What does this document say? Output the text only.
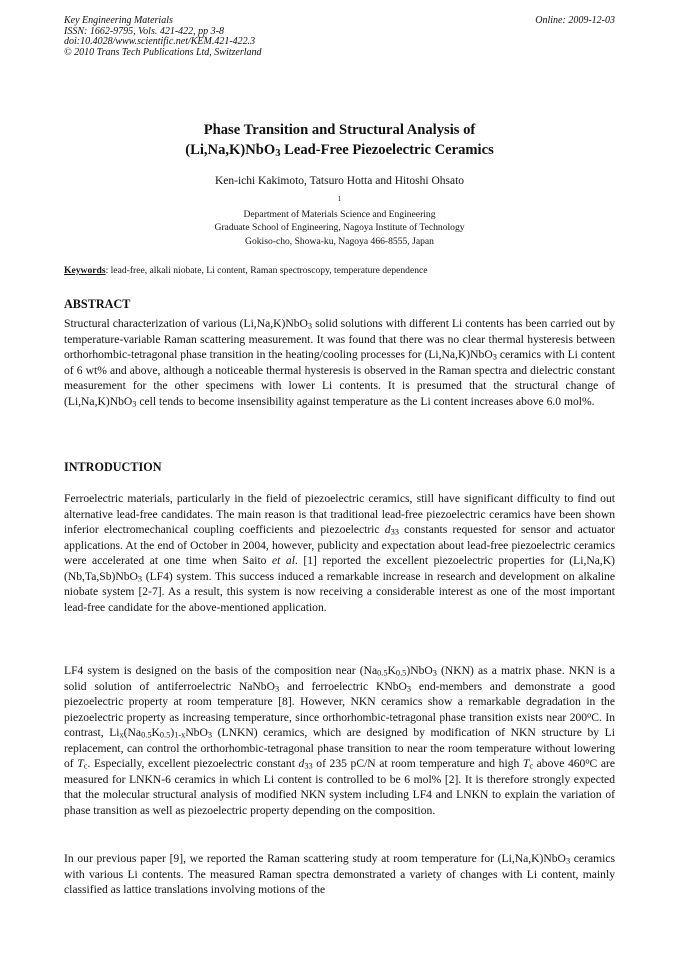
Key Engineering Materials
ISSN: 1662-9795, Vols. 421-422, pp 3-8
doi:10.4028/www.scientific.net/KEM.421-422.3
© 2010 Trans Tech Publications Ltd, Switzerland
Online: 2009-12-03
Phase Transition and Structural Analysis of
(Li,Na,K)NbO$_3$ Lead-Free Piezoelectric Ceramics
Ken-ichi Kakimoto, Tatsuro Hotta and Hitoshi Ohsato
$^1$
Department of Materials Science and Engineering
Graduate School of Engineering, Nagoya Institute of Technology
Gokiso-cho, Showa-ku, Nagoya 466-8555, Japan
Keywords: lead-free, alkali niobate, Li content, Raman spectroscopy, temperature dependence
ABSTRACT

Structural characterization of various (Li,Na,K)NbO$_3$ solid solutions with different Li contents has been carried out by temperature-variable Raman scattering measurement. It was found that there was no clear thermal hysteresis between orthorhombic-tetragonal phase transition in the heating/cooling processes for (Li,Na,K)NbO$_3$ ceramics with Li content of 6 wt% and above, although a noticeable thermal hysteresis is observed in the Raman spectra and dielectric constant measurement for the other specimens with lower Li contents. It is presumed that the structural change of (Li,Na,K)NbO$_3$ cell tends to become insensibility against temperature as the Li content increases above 6.0 mol%.

INTRODUCTION

Ferroelectric materials, particularly in the field of piezoelectric ceramics, still have significant difficulty to find out alternative lead-free candidates. The main reason is that traditional lead-free piezoelectric ceramics have been shown inferior electromechanical coupling coefficients and piezoelectric $d_{33}$ constants requested for sensor and actuator applications. At the end of October in 2004, however, publicity and expectation about lead-free piezoelectric ceramics were accelerated at one time when Saito et al. [1] reported the excellent piezoelectric properties for (Li,Na,K)(Nb,Ta,Sb)NbO$_3$ (LF4) system. This success induced a remarkable increase in research and development on alkaline niobate system [2-7]. As a result, this system is now receiving a considerable interest as one of the most important lead-free candidate for the above-mentioned application.

LF4 system is designed on the basis of the composition near $(Na_{0.5}K_{0.5})NbO_3$ (NKN) as a matrix phase. NKN is a solid solution of antiferroelectric NaNbO$_3$ and ferroelectric KNbO$_3$ end-members and demonstrate a good piezoelectric property at room temperature [8]. However, NKN ceramics show a remarkable degradation in the piezoelectric property as increasing temperature, since orthorhombic-tetragonal phase transition exists near 200$^o$C. In contrast, $Li_x(Na_{0.5}K_{0.5})_{1-x}NbO_3$ (LNKN) ceramics, which are designed by modification of NKN structure by Li replacement, can control the orthorhombic-tetragonal phase transition to near the room temperature without lowering of $T_c$. Especially, excellent piezoelectric constant $d_{33}$ of 235 pC/N at room temperature and high $T_c$ above 460$^o$C are measured for LNKN-6 ceramics in which Li content is controlled to be 6 mol% [2]. It is therefore strongly expected that the molecular structural analysis of modified NKN system including LF4 and LNKN to explain the variation of phase transition as well as piezoelectric property depending on the composition.

In our previous paper [9], we reported the Raman scattering study at room temperature for (Li,Na,K)NbO$_3$ ceramics with various Li contents. The measured Raman spectra demonstrated a variety of changes with Li content, mainly classified as lattice translations involving motions of the
